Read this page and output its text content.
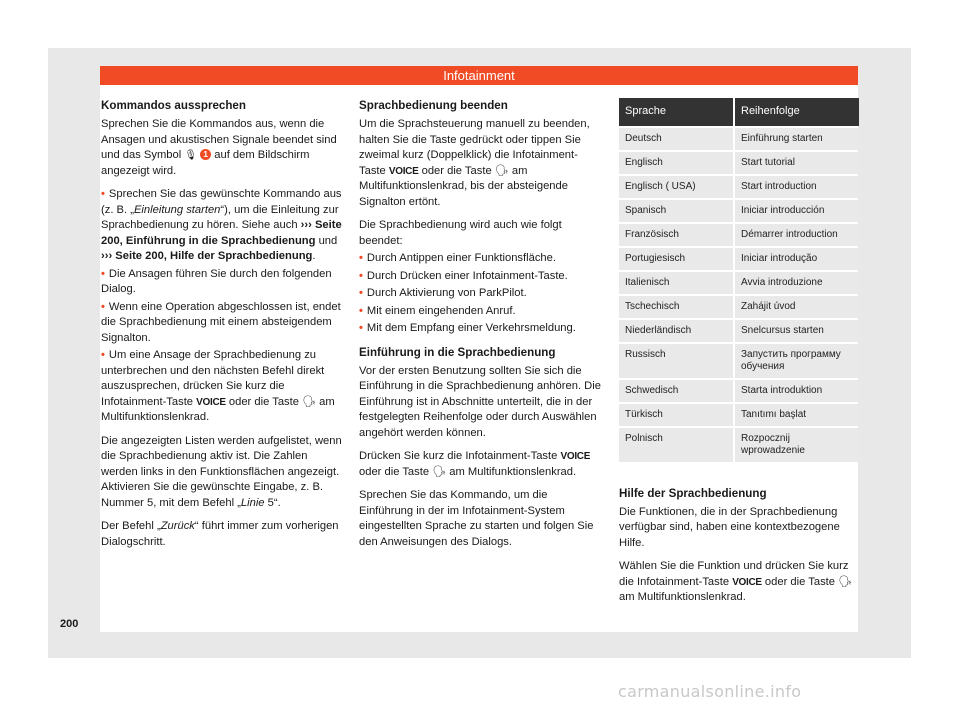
Infotainment
Kommandos aussprechen

Sprechen Sie die Kommandos aus, wenn die Ansagen und akustischen Signale beendet sind und das Symbol 🎙 1 auf dem Bildschirm angezeigt wird.

• Sprechen Sie das gewünschte Kommando aus (z. B. „Einleitung starten“), um die Einleitung zur Sprachbedienung zu hören. Siehe auch ››› Seite 200, Einführung in die Sprachbedienung und ››› Seite 200, Hilfe der Sprachbedienung.

• Die Ansagen führen Sie durch den folgenden Dialog.

• Wenn eine Operation abgeschlossen ist, endet die Sprachbedienung mit einem absteigendem Signalton.

• Um eine Ansage der Sprachbedienung zu unterbrechen und den nächsten Befehl direkt auszusprechen, drücken Sie kurz die Infotainment-Taste VOICE oder die Taste 🗣 am Multifunktionslenkrad.

Die angezeigten Listen werden aufgelistet, wenn die Sprachbedienung aktiv ist. Die Zahlen werden links in den Funktionsflächen angezeigt. Aktivieren Sie die gewünschte Eingabe, z. B. Nummer 5, mit dem Befehl „Linie 5“.

Der Befehl „Zurück“ führt immer zum vorherigen Dialogschritt.

Sprachbedienung beenden

Um die Sprachsteuerung manuell zu beenden, halten Sie die Taste gedrückt oder tippen Sie zweimal kurz (Doppelklick) die Infotainment-Taste VOICE oder die Taste 🗣 am Multifunktionslenkrad, bis der absteigende Signalton ertönt.

Die Sprachbedienung wird auch wie folgt beendet:

• Durch Antippen einer Funktionsfläche.

• Durch Drücken einer Infotainment-Taste.

• Durch Aktivierung von ParkPilot.

• Mit einem eingehenden Anruf.

• Mit dem Empfang einer Verkehrsmeldung.

Einführung in die Sprachbedienung

Vor der ersten Benutzung sollten Sie sich die Einführung in die Sprachbedienung anhören. Die Einführung ist in Abschnitte unterteilt, die in der festgelegten Reihenfolge oder durch Auswählen angehört werden können.

Drücken Sie kurz die Infotainment-Taste VOICE oder die Taste 🗣 am Multifunktionslenkrad.

Sprechen Sie das Kommando, um die Einführung in der im Infotainment-System eingestellten Sprache zu starten und folgen Sie den Anweisungen des Dialogs.

Sprache	Reihenfolge
Deutsch	Einführung starten
Englisch	Start tutorial
Englisch ( USA)	Start introduction
Spanisch	Iniciar introducción
Französisch	Démarrer introduction
Portugiesisch	Iniciar introdução
Italienisch	Avvia introduzione
Tschechisch	Zahájit úvod
Niederländisch	Snelcursus starten
Russisch	Запустить программу обучения
Schwedisch	Starta introduktion
Türkisch	Tanıtımı başlat
Polnisch	Rozpocznij wprowadzenie
Hilfe der Sprachbedienung

Die Funktionen, die in der Sprachbedienung verfügbar sind, haben eine kontextbezogene Hilfe.

Wählen Sie die Funktion und drücken Sie kurz die Infotainment-Taste VOICE oder die Taste 🗣 am Multifunktionslenkrad.

200
carmanualsonline.info
